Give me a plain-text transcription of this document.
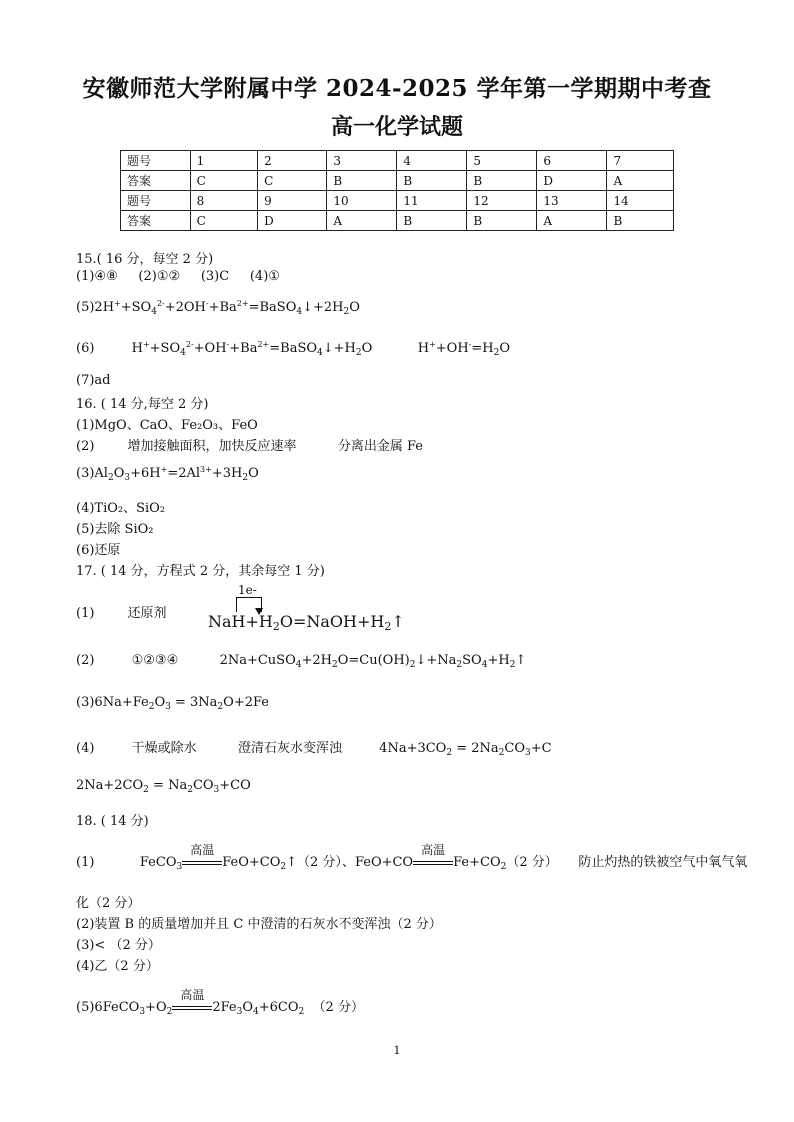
安徽师范大学附属中学 2024-2025 学年第一学期期中考查
高一化学试题
题号	1	2	3	4	5	6	7
答案	C	C	B	B	B	D	A
题号	8	9	10	11	12	13	14
答案	C	D	A	B	B	A	B
15.( 16 分，每空 2 分)
(1)④⑧ (2)①② (3)C (4)①
$(5)2H^++SO_4^{2-}+2OH^-+Ba^{2+}=BaSO_4↓+2H_2O$
(6)         $H^++SO_4^{2-}+OH^-+Ba^{2+}=BaSO_4↓+H_2O$           $H^++OH^-=H_2O$
(7)ad
16. ( 14 分,每空 2 分)
(1)MgO、CaO、Fe₂O₃、FeO
(2)	增加接触面积，加快反应速率	分离出金属 Fe
$(3)Al_2O_3+6H^+=2Al^{3+}+3H_2O$
(4)TiO₂、SiO₂
(5)去除 SiO₂
(6)还原
17. ( 14 分，方程式 2 分，其余每空 1 分)
1e-
(1)	还原剂	$NaH+H_2O=NaOH+H_2↑$
(2)	①②③④          $2Na+CuSO_4+2H_2O=Cu(OH)_2↓+Na_2SO_4+H_2↑$
$(3)6Na+Fe_2O_3 = 3Na_2O+2Fe$
(4)	干燥或除水	澄清石灰水变浑浊         $4Na+3CO_2 = 2Na_2CO_3+C$
$2Na+2CO_2 = Na_2CO_3+CO$
18. ( 14 分)
(1)           FeCO$_3$
高温
$FeO+CO_2↑(2$ 分）、FeO+CO
高温
$Fe+CO_2(2$ 分） 防止灼热的铁被空气中氧气氧
化（2 分）
(2)装置 B 的质量增加并且 C 中澄清的石灰水不变浑浊（2 分）
(3)< （2 分）
(4)乙（2 分）
$(5)6FeCO_3+O_2$
高温
$2Fe_3O_4+6CO_2$ （2 分）
1
